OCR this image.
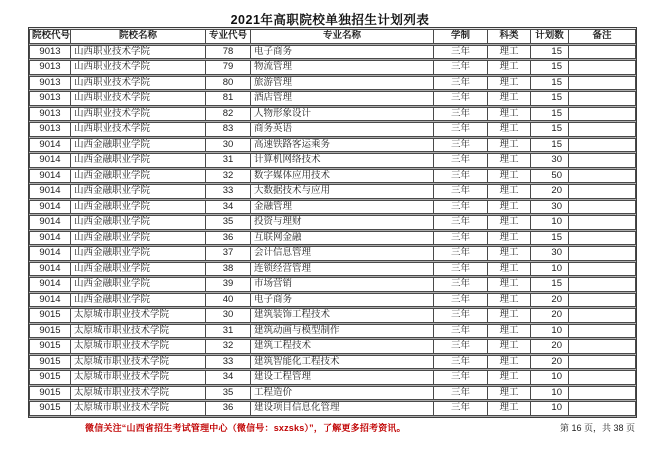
2021年高职院校单独招生计划列表
院校代号	院校名称	专业代号	专业名称	学制	科类	计划数	备注
9013	山西职业技术学院	78	电子商务	三年	理工	15	
9013	山西职业技术学院	79	物流管理	三年	理工	15	
9013	山西职业技术学院	80	旅游管理	三年	理工	15	
9013	山西职业技术学院	81	酒店管理	三年	理工	15	
9013	山西职业技术学院	82	人物形象设计	三年	理工	15	
9013	山西职业技术学院	83	商务英语	三年	理工	15	
9014	山西金融职业学院	30	高速铁路客运乘务	三年	理工	15	
9014	山西金融职业学院	31	计算机网络技术	三年	理工	30	
9014	山西金融职业学院	32	数字媒体应用技术	三年	理工	50	
9014	山西金融职业学院	33	大数据技术与应用	三年	理工	20	
9014	山西金融职业学院	34	金融管理	三年	理工	30	
9014	山西金融职业学院	35	投资与理财	三年	理工	10	
9014	山西金融职业学院	36	互联网金融	三年	理工	15	
9014	山西金融职业学院	37	会计信息管理	三年	理工	30	
9014	山西金融职业学院	38	连锁经营管理	三年	理工	10	
9014	山西金融职业学院	39	市场营销	三年	理工	15	
9014	山西金融职业学院	40	电子商务	三年	理工	20	
9015	太原城市职业技术学院	30	建筑装饰工程技术	三年	理工	20	
9015	太原城市职业技术学院	31	建筑动画与模型制作	三年	理工	10	
9015	太原城市职业技术学院	32	建筑工程技术	三年	理工	20	
9015	太原城市职业技术学院	33	建筑智能化工程技术	三年	理工	20	
9015	太原城市职业技术学院	34	建设工程管理	三年	理工	10	
9015	太原城市职业技术学院	35	工程造价	三年	理工	10	
9015	太原城市职业技术学院	36	建设项目信息化管理	三年	理工	10	
微信关注“山西省招生考试管理中心（微信号：sxzsks）”，了解更多招考资讯。	第 16 页，共 38 页
